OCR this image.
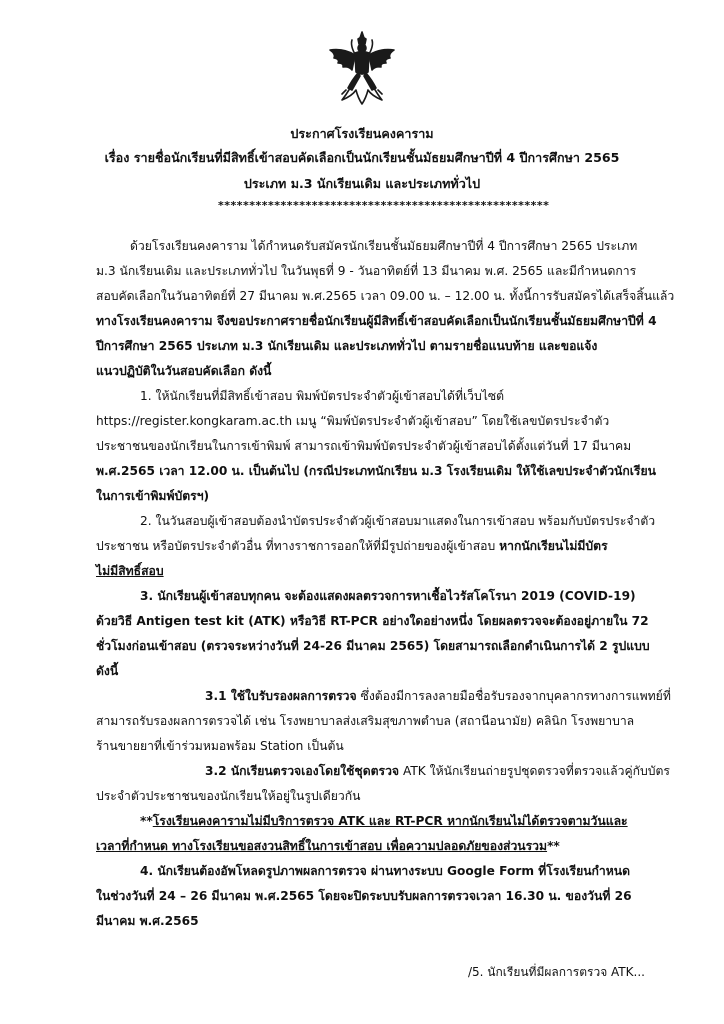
ประกาศโรงเรียนคงคาราม
เรื่อง รายชื่อนักเรียนที่มีสิทธิ์เข้าสอบคัดเลือกเป็นนักเรียนชั้นมัธยมศึกษาปีที่ 4 ปีการศึกษา 2565
ประเภท ม.3 นักเรียนเดิม และประเภททั่วไป
*****************************************************
ด้วยโรงเรียนคงคาราม ได้กำหนดรับสมัครนักเรียนชั้นมัธยมศึกษาปีที่ 4 ปีการศึกษา 2565 ประเภท
ม.3 นักเรียนเดิม และประเภททั่วไป ในวันพุธที่ 9 - วันอาทิตย์ที่ 13 มีนาคม พ.ศ. 2565 และมีกำหนดการ
สอบคัดเลือกในวันอาทิตย์ที่ 27 มีนาคม พ.ศ.2565 เวลา 09.00 น. – 12.00 น. ทั้งนี้การรับสมัครได้เสร็จสิ้นแล้ว
ทางโรงเรียนคงคาราม จึงขอประกาศรายชื่อนักเรียนผู้มีสิทธิ์เข้าสอบคัดเลือกเป็นนักเรียนชั้นมัธยมศึกษาปีที่ 4
ปีการศึกษา 2565 ประเภท ม.3 นักเรียนเดิม และประเภททั่วไป ตามรายชื่อแนบท้าย และขอแจ้ง
แนวปฏิบัติในวันสอบคัดเลือก ดังนี้
1. ให้นักเรียนที่มีสิทธิ์เข้าสอบ พิมพ์บัตรประจำตัวผู้เข้าสอบได้ที่เว็บไซต์
https://register.kongkaram.ac.th เมนู “พิมพ์บัตรประจำตัวผู้เข้าสอบ” โดยใช้เลขบัตรประจำตัว
ประชาชนของนักเรียนในการเข้าพิมพ์ สามารถเข้าพิมพ์บัตรประจำตัวผู้เข้าสอบได้ตั้งแต่วันที่ 17 มีนาคม
พ.ศ.2565 เวลา 12.00 น. เป็นต้นไป (กรณีประเภทนักเรียน ม.3 โรงเรียนเดิม ให้ใช้เลขประจำตัวนักเรียน
ในการเข้าพิมพ์บัตรฯ)
2. ในวันสอบผู้เข้าสอบต้องนำบัตรประจำตัวผู้เข้าสอบมาแสดงในการเข้าสอบ พร้อมกับบัตรประจำตัว
ประชาชน หรือบัตรประจำตัวอื่น ที่ทางราชการออกให้ที่มีรูปถ่ายของผู้เข้าสอบ หากนักเรียนไม่มีบัตร
ไม่มีสิทธิ์สอบ
3. นักเรียนผู้เข้าสอบทุกคน จะต้องแสดงผลตรวจการหาเชื้อไวรัสโคโรนา 2019 (COVID-19)
ด้วยวิธี Antigen test kit (ATK) หรือวิธี RT-PCR อย่างใดอย่างหนึ่ง โดยผลตรวจจะต้องอยู่ภายใน 72
ชั่วโมงก่อนเข้าสอบ (ตรวจระหว่างวันที่ 24-26 มีนาคม 2565) โดยสามารถเลือกดำเนินการได้ 2 รูปแบบ
ดังนี้
3.1 ใช้ใบรับรองผลการตรวจ ซึ่งต้องมีการลงลายมือชื่อรับรองจากบุคลากรทางการแพทย์ที่
สามารถรับรองผลการตรวจได้ เช่น โรงพยาบาลส่งเสริมสุขภาพตำบล (สถานีอนามัย) คลินิก โรงพยาบาล
ร้านขายยาที่เข้าร่วมหมอพร้อม Station เป็นต้น
3.2 นักเรียนตรวจเองโดยใช้ชุดตรวจ ATK ให้นักเรียนถ่ายรูปชุดตรวจที่ตรวจแล้วคู่กับบัตร
ประจำตัวประชาชนของนักเรียนให้อยู่ในรูปเดียวกัน
**โรงเรียนคงคารามไม่มีบริการตรวจ ATK และ RT-PCR หากนักเรียนไม่ได้ตรวจตามวันและ
เวลาที่กำหนด ทางโรงเรียนขอสงวนสิทธิ์ในการเข้าสอบ เพื่อความปลอดภัยของส่วนรวม**
4. นักเรียนต้องอัพโหลดรูปภาพผลการตรวจ ผ่านทางระบบ Google Form ที่โรงเรียนกำหนด
ในช่วงวันที่ 24 – 26 มีนาคม พ.ศ.2565 โดยจะปิดระบบรับผลการตรวจเวลา 16.30 น. ของวันที่ 26
มีนาคม พ.ศ.2565
/5. นักเรียนที่มีผลการตรวจ ATK...
